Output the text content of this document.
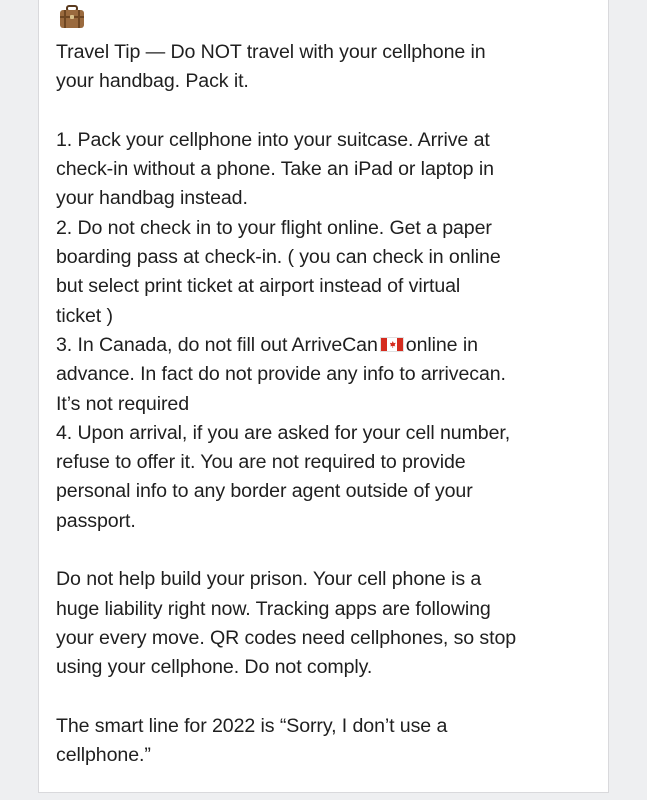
Travel Tip — Do NOT travel with your cellphone in
your handbag. Pack it.
1. Pack your cellphone into your suitcase. Arrive at
check-in without a phone. Take an iPad or laptop in
your handbag instead.
2. Do not check in to your flight online. Get a paper
boarding pass at check-in. ( you can check in online
but select print ticket at airport instead of virtual
ticket )
3. In Canada, do not fill out ArriveCan online in
advance. In fact do not provide any info to arrivecan.
It’s not required
4. Upon arrival, if you are asked for your cell number,
refuse to offer it. You are not required to provide
personal info to any border agent outside of your
passport.
Do not help build your prison. Your cell phone is a
huge liability right now. Tracking apps are following
your every move. QR codes need cellphones, so stop
using your cellphone. Do not comply.
The smart line for 2022 is “Sorry, I don’t use a
cellphone.”
